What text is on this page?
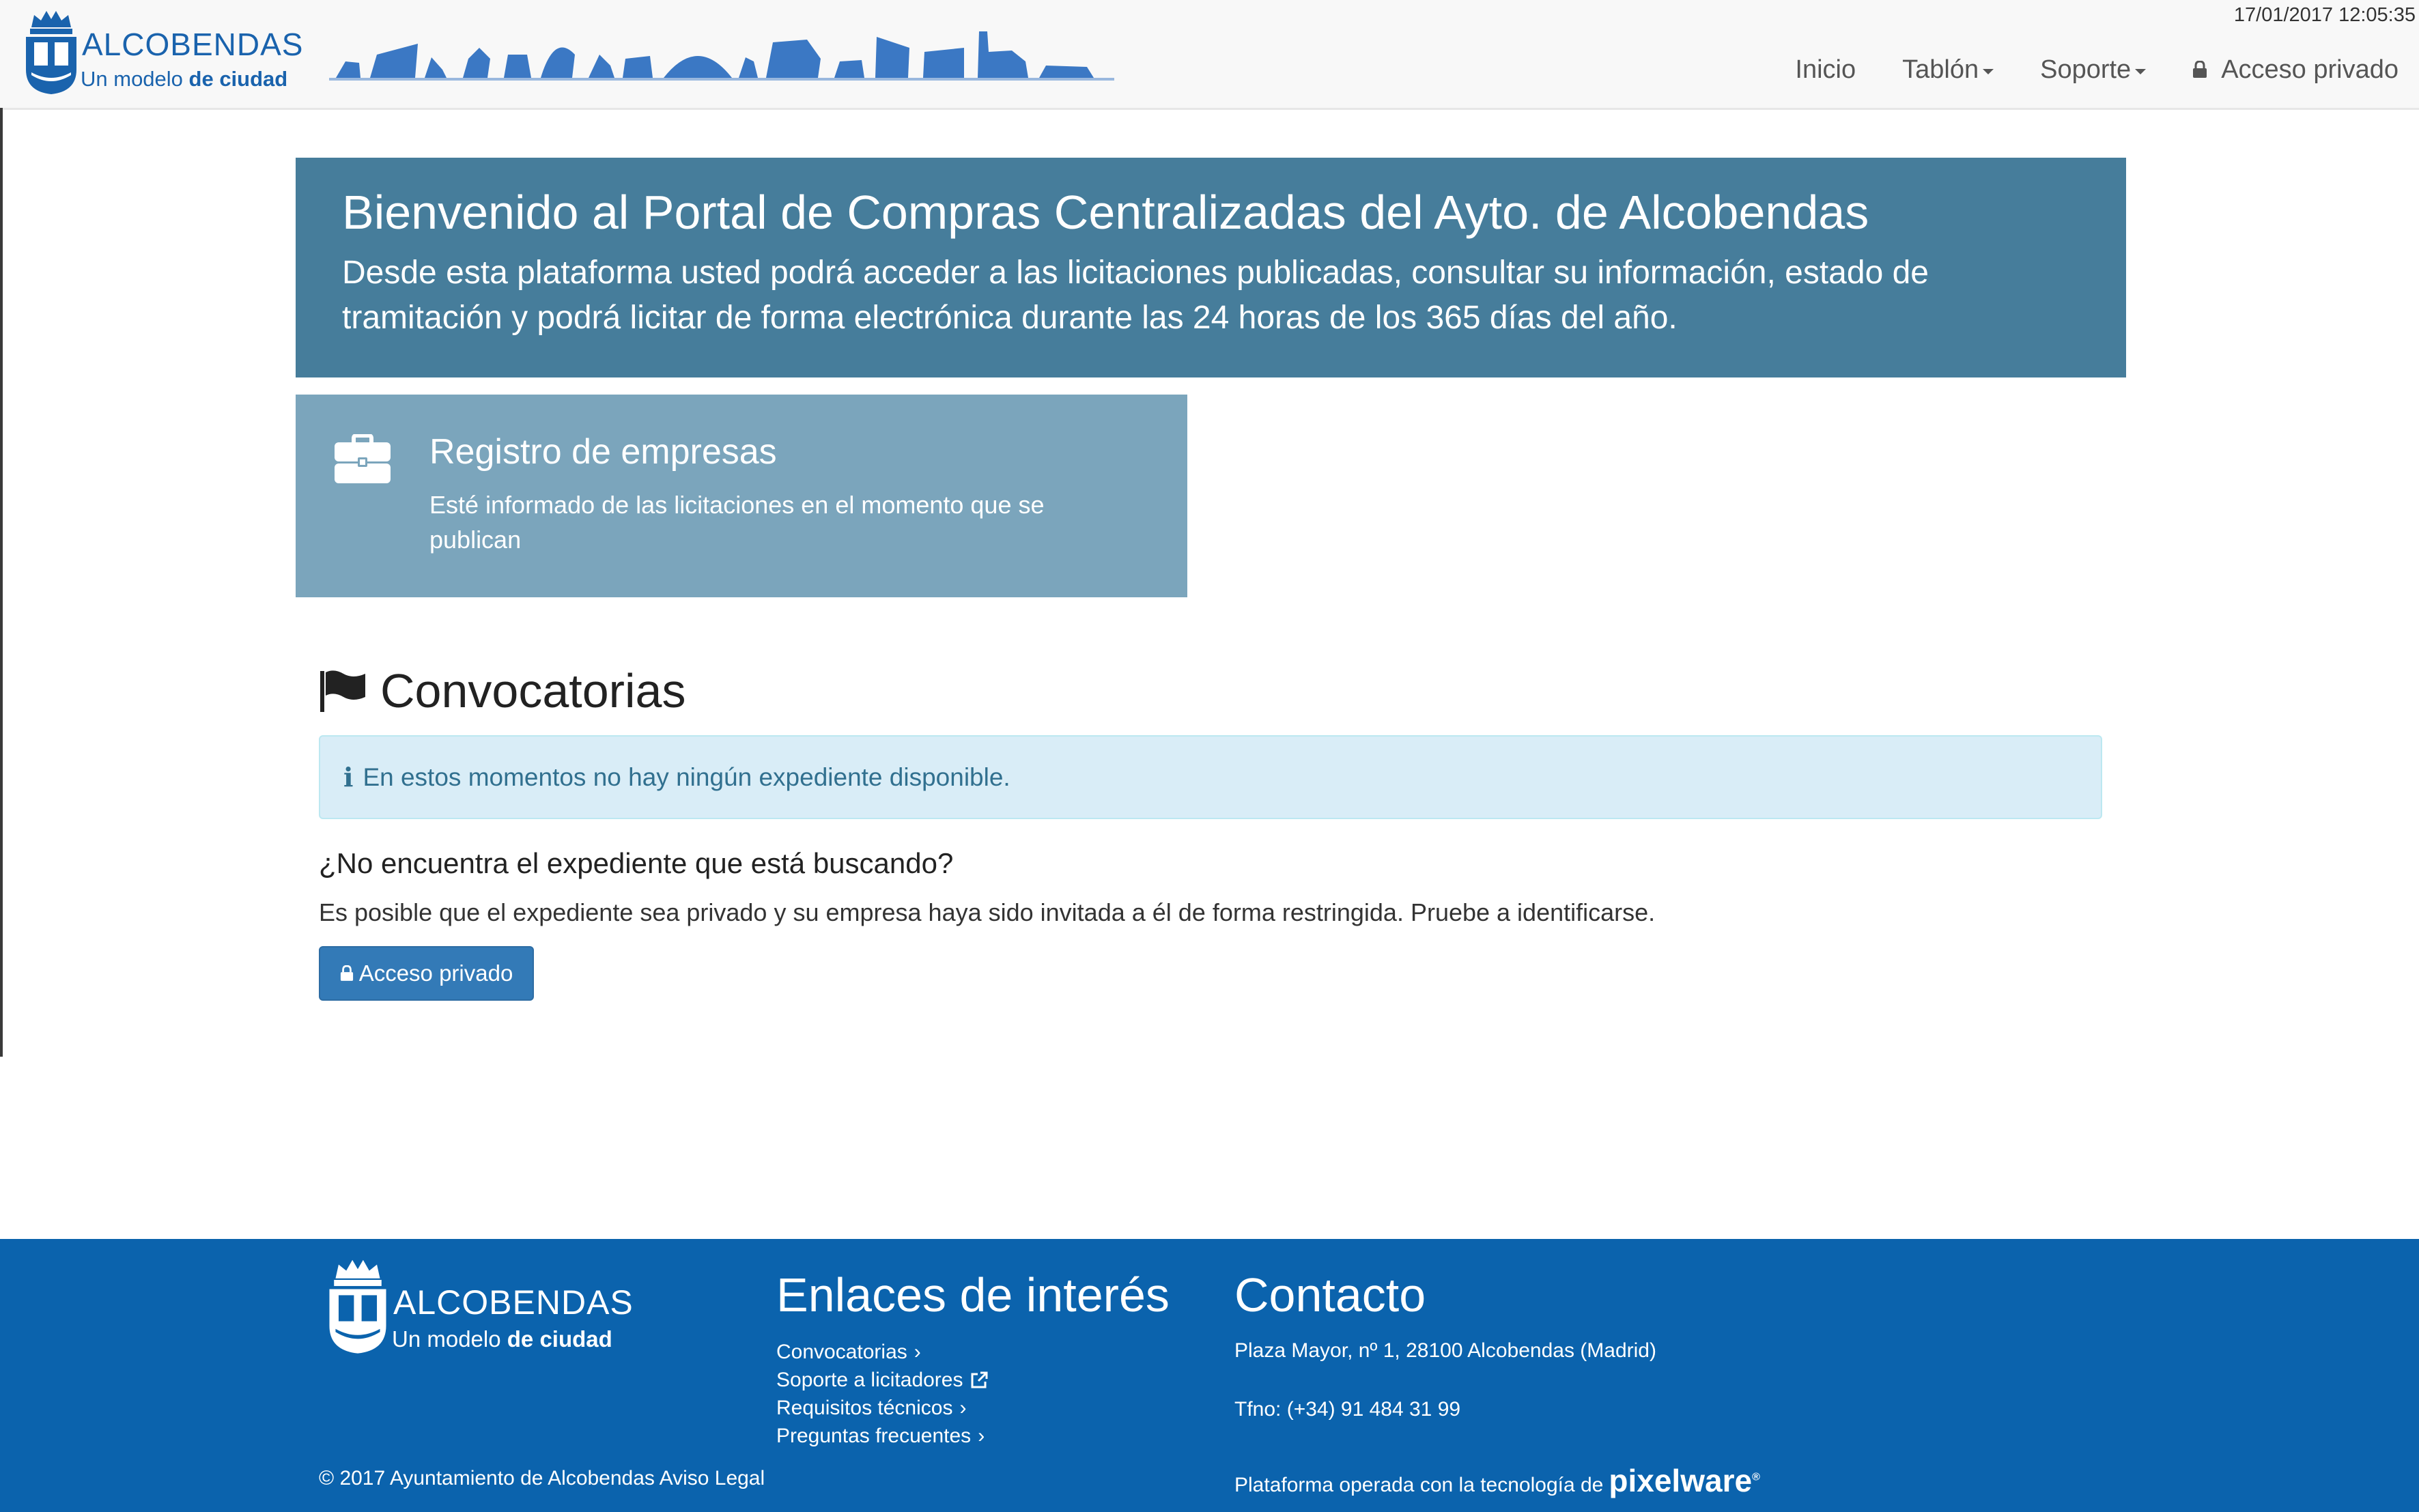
ALCOBENDAS
Un modelo de ciudad
17/01/2017 12:05:35
Inicio Tablón Soporte	Acceso privado
Bienvenido al Portal de Compras Centralizadas del Ayto. de Alcobendas

Desde esta plataforma usted podrá acceder a las licitaciones publicadas, consultar su información, estado de tramitación y podrá licitar de forma electrónica durante las 24 horas de los 365 días del año.

Registro de empresas

Esté informado de las licitaciones en el momento que se publican

Convocatorias
i En estos momentos no hay ningún expediente disponible.
¿No encuentra el expediente que está buscando?
Es posible que el expediente sea privado y su empresa haya sido invitada a él de forma restringida. Pruebe a identificarse.
Acceso privado
ALCOBENDAS
Un modelo de ciudad
Enlaces de interés
Convocatorias ›
Soporte a licitadores
Requisitos técnicos ›
Preguntas frecuentes ›
Contacto
Plaza Mayor, nº 1, 28100 Alcobendas (Madrid)
Tfno: (+34) 91 484 31 99
© 2017 Ayuntamiento de Alcobendas Aviso Legal	Plataforma operada con la tecnología de pixelware®
